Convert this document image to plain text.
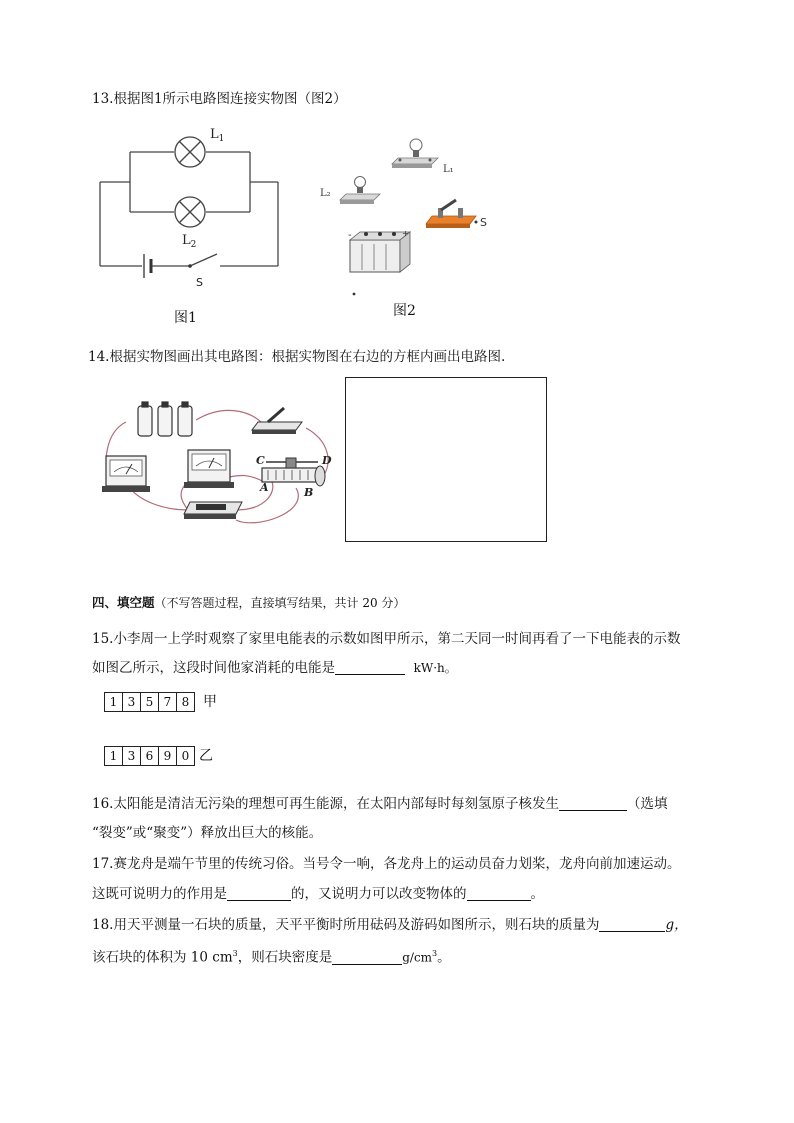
13.根据图1所示电路图连接实物图（图2）
$L_1$
$L_2$
S
图1
L₁
L₂
S
-	+
图2
14.根据实物图画出其电路图：根据实物图在右边的方框内画出电路图.
C	D
A	B
四、填空题（不写答题过程，直接填写结果，共计 20 分）
15.小李周一上学时观察了家里电能表的示数如图甲所示，第二天同一时间再看了一下电能表的示数
如图乙所示，这段时间他家消耗的电能是	kW·h。
1 3 5 7 8 甲
1 3 6 9 0 乙
16.太阳能是清洁无污染的理想可再生能源，在太阳内部每时每刻氢原子核发生	（选填
“裂变”或“聚变”）释放出巨大的核能。
17.赛龙舟是端午节里的传统习俗。当号令一响，各龙舟上的运动员奋力划桨，龙舟向前加速运动。
这既可说明力的作用是	的，又说明力可以改变物体的	。
18.用天平测量一石块的质量，天平平衡时所用砝码及游码如图所示，则石块的质量为	g，
该石块的体积为 10 $cm^3$，则石块密度是	$g/cm^3$。
